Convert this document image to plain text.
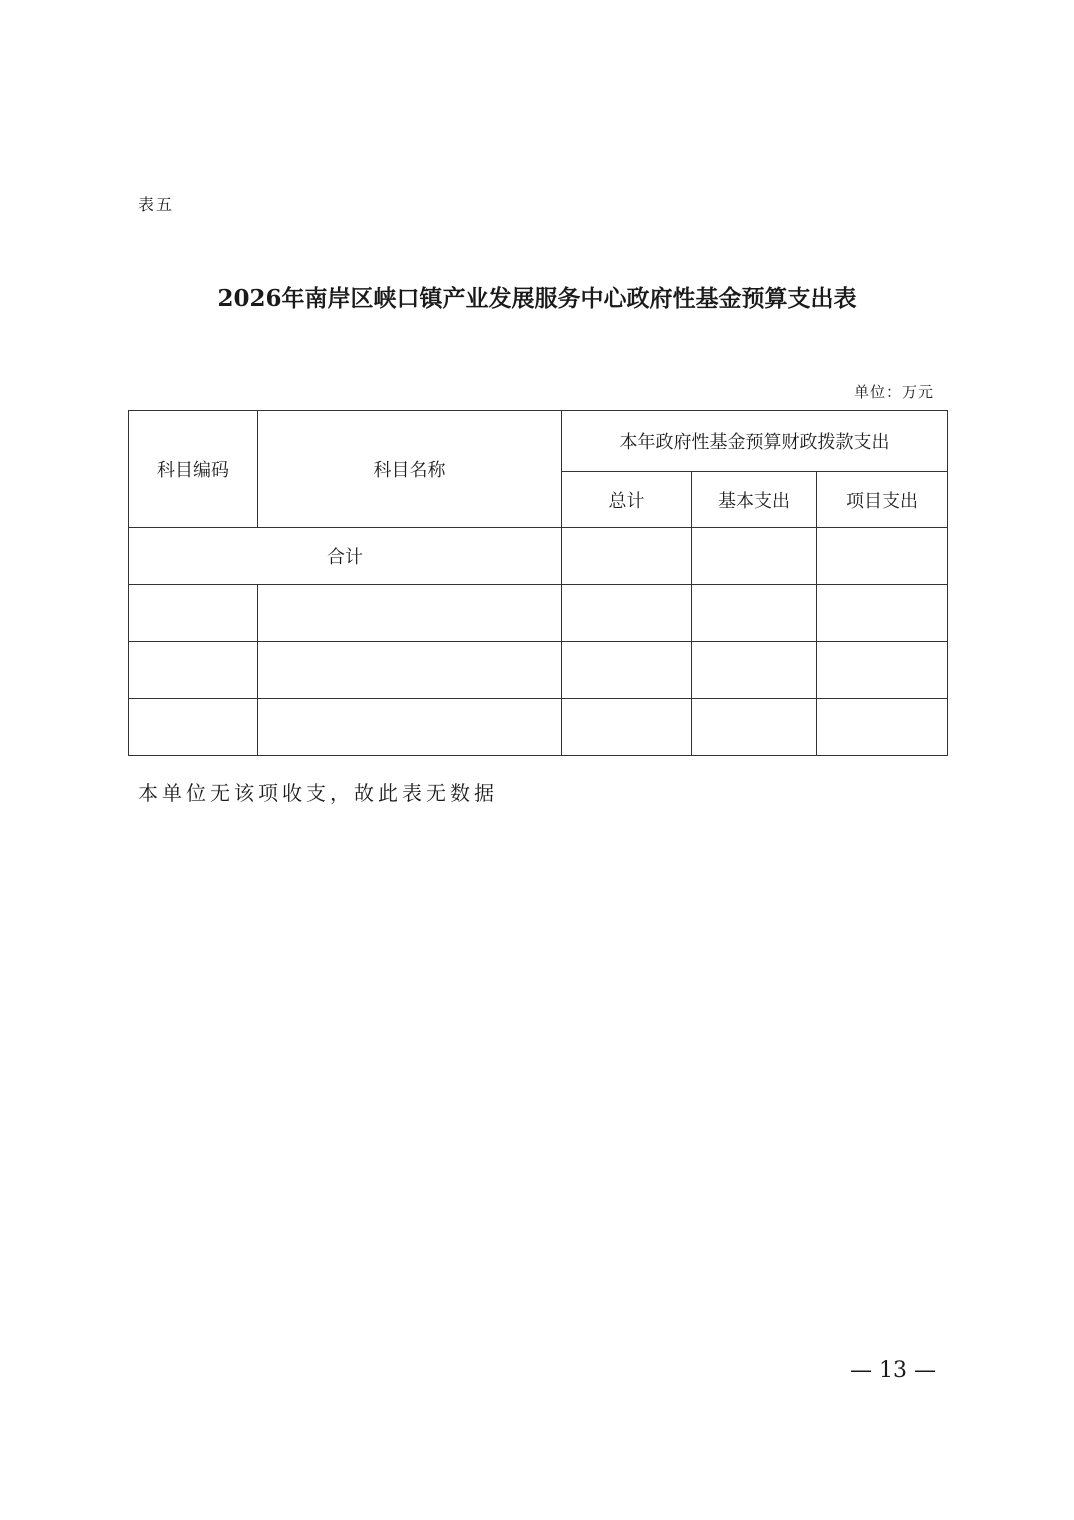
表五
2026年南岸区峡口镇产业发展服务中心政府性基金预算支出表
单位：万元
科目编码	科目名称	本年政府性基金预算财政拨款支出		
		总计	基本支出	项目支出
合计				

本单位无该项收支，故此表无数据
— 13 —
